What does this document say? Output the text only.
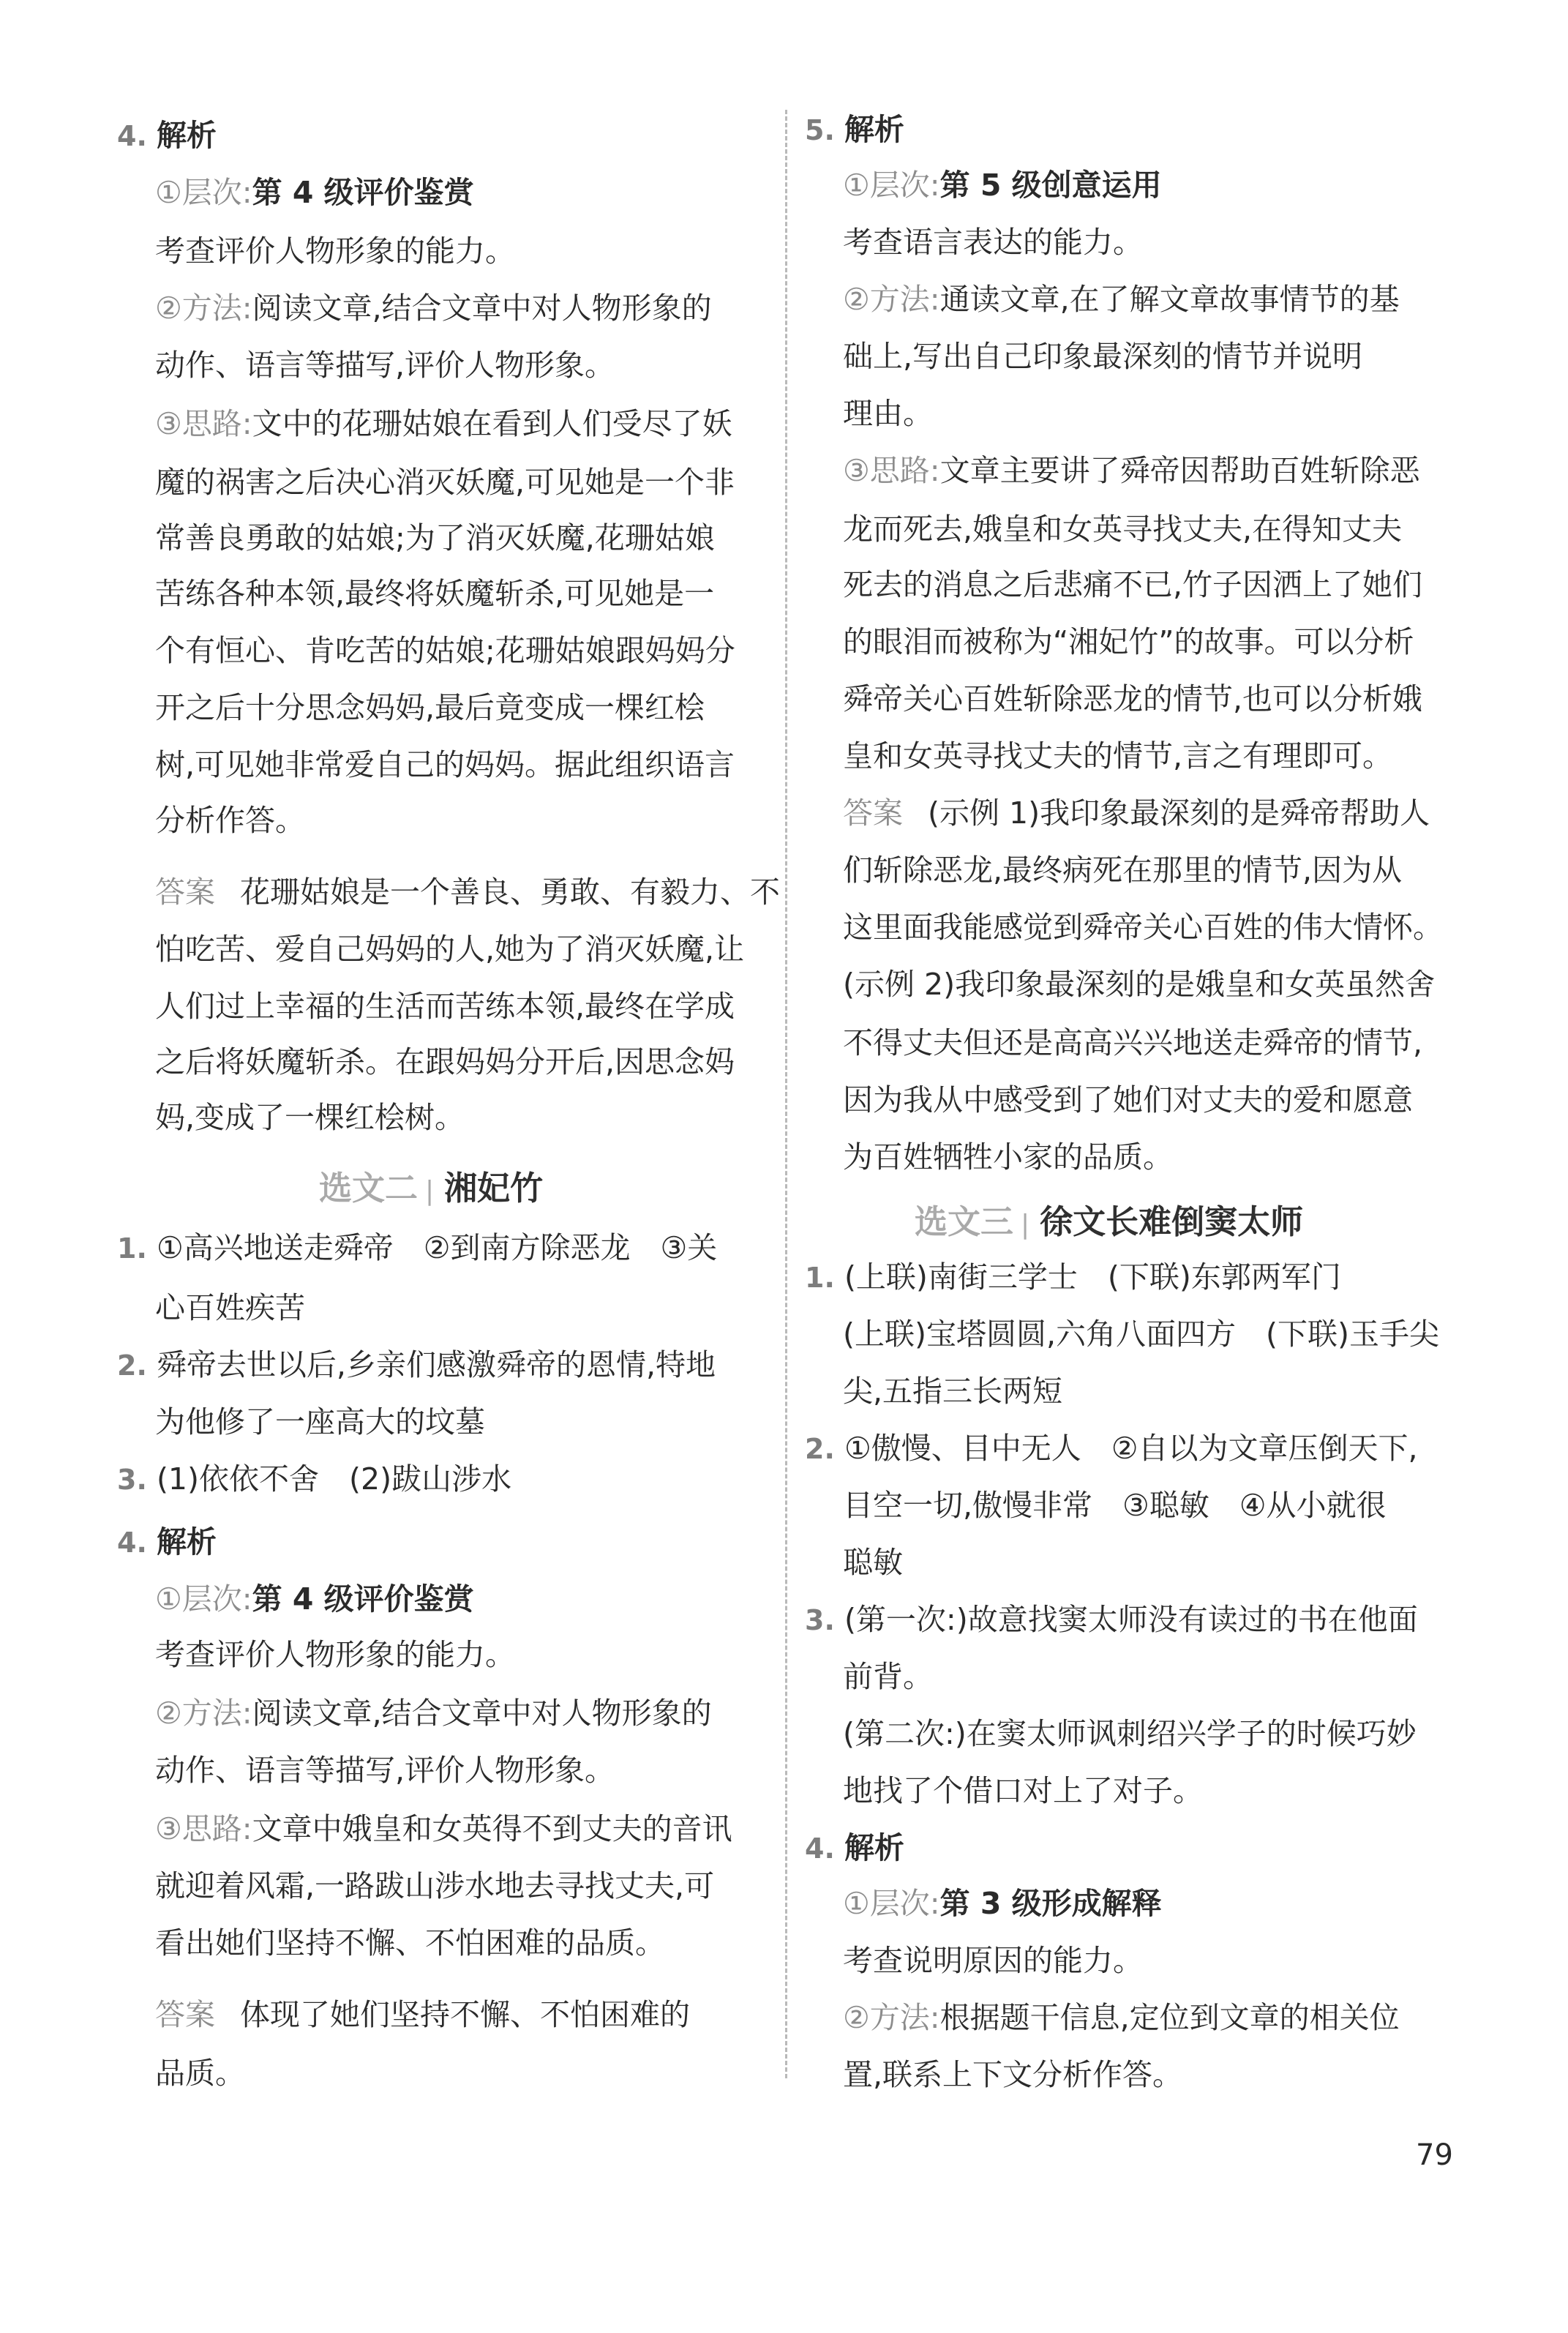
4. 解析
①层次:第 4 级评价鉴赏
考查评价人物形象的能力。
②方法:阅读文章,结合文章中对人物形象的
动作、语言等描写,评价人物形象。
③思路:文中的花珊姑娘在看到人们受尽了妖
魔的祸害之后决心消灭妖魔,可见她是一个非
常善良勇敢的姑娘;为了消灭妖魔,花珊姑娘
苦练各种本领,最终将妖魔斩杀,可见她是一
个有恒心、肯吃苦的姑娘;花珊姑娘跟妈妈分
开之后十分思念妈妈,最后竟变成一棵红桧
树,可见她非常爱自己的妈妈。据此组织语言
分析作答。
答案 花珊姑娘是一个善良、勇敢、有毅力、不
怕吃苦、爱自己妈妈的人,她为了消灭妖魔,让
人们过上幸福的生活而苦练本领,最终在学成
之后将妖魔斩杀。在跟妈妈分开后,因思念妈
妈,变成了一棵红桧树。
选文二 | 湘妃竹
1. ①高兴地送走舜帝　②到南方除恶龙　③关
心百姓疾苦
2. 舜帝去世以后,乡亲们感激舜帝的恩情,特地
为他修了一座高大的坟墓
3. (1)依依不舍　(2)跋山涉水
4. 解析
①层次:第 4 级评价鉴赏
考查评价人物形象的能力。
②方法:阅读文章,结合文章中对人物形象的
动作、语言等描写,评价人物形象。
③思路:文章中娥皇和女英得不到丈夫的音讯
就迎着风霜,一路跋山涉水地去寻找丈夫,可
看出她们坚持不懈、不怕困难的品质。
答案 体现了她们坚持不懈、不怕困难的
品质。
5. 解析
①层次:第 5 级创意运用
考查语言表达的能力。
②方法:通读文章,在了解文章故事情节的基
础上,写出自己印象最深刻的情节并说明
理由。
③思路:文章主要讲了舜帝因帮助百姓斩除恶
龙而死去,娥皇和女英寻找丈夫,在得知丈夫
死去的消息之后悲痛不已,竹子因洒上了她们
的眼泪而被称为“湘妃竹”的故事。可以分析
舜帝关心百姓斩除恶龙的情节,也可以分析娥
皇和女英寻找丈夫的情节,言之有理即可。
答案 (示例 1)我印象最深刻的是舜帝帮助人
们斩除恶龙,最终病死在那里的情节,因为从
这里面我能感觉到舜帝关心百姓的伟大情怀。
(示例 2)我印象最深刻的是娥皇和女英虽然舍
不得丈夫但还是高高兴兴地送走舜帝的情节,
因为我从中感受到了她们对丈夫的爱和愿意
为百姓牺牲小家的品质。
选文三 | 徐文长难倒窦太师
1. (上联)南街三学士　(下联)东郭两军门
(上联)宝塔圆圆,六角八面四方　(下联)玉手尖
尖,五指三长两短
2. ①傲慢、目中无人　②自以为文章压倒天下,
目空一切,傲慢非常　③聪敏　④从小就很
聪敏
3. (第一次:)故意找窦太师没有读过的书在他面
前背。
(第二次:)在窦太师讽刺绍兴学子的时候巧妙
地找了个借口对上了对子。
4. 解析
①层次:第 3 级形成解释
考查说明原因的能力。
②方法:根据题干信息,定位到文章的相关位
置,联系上下文分析作答。
79
